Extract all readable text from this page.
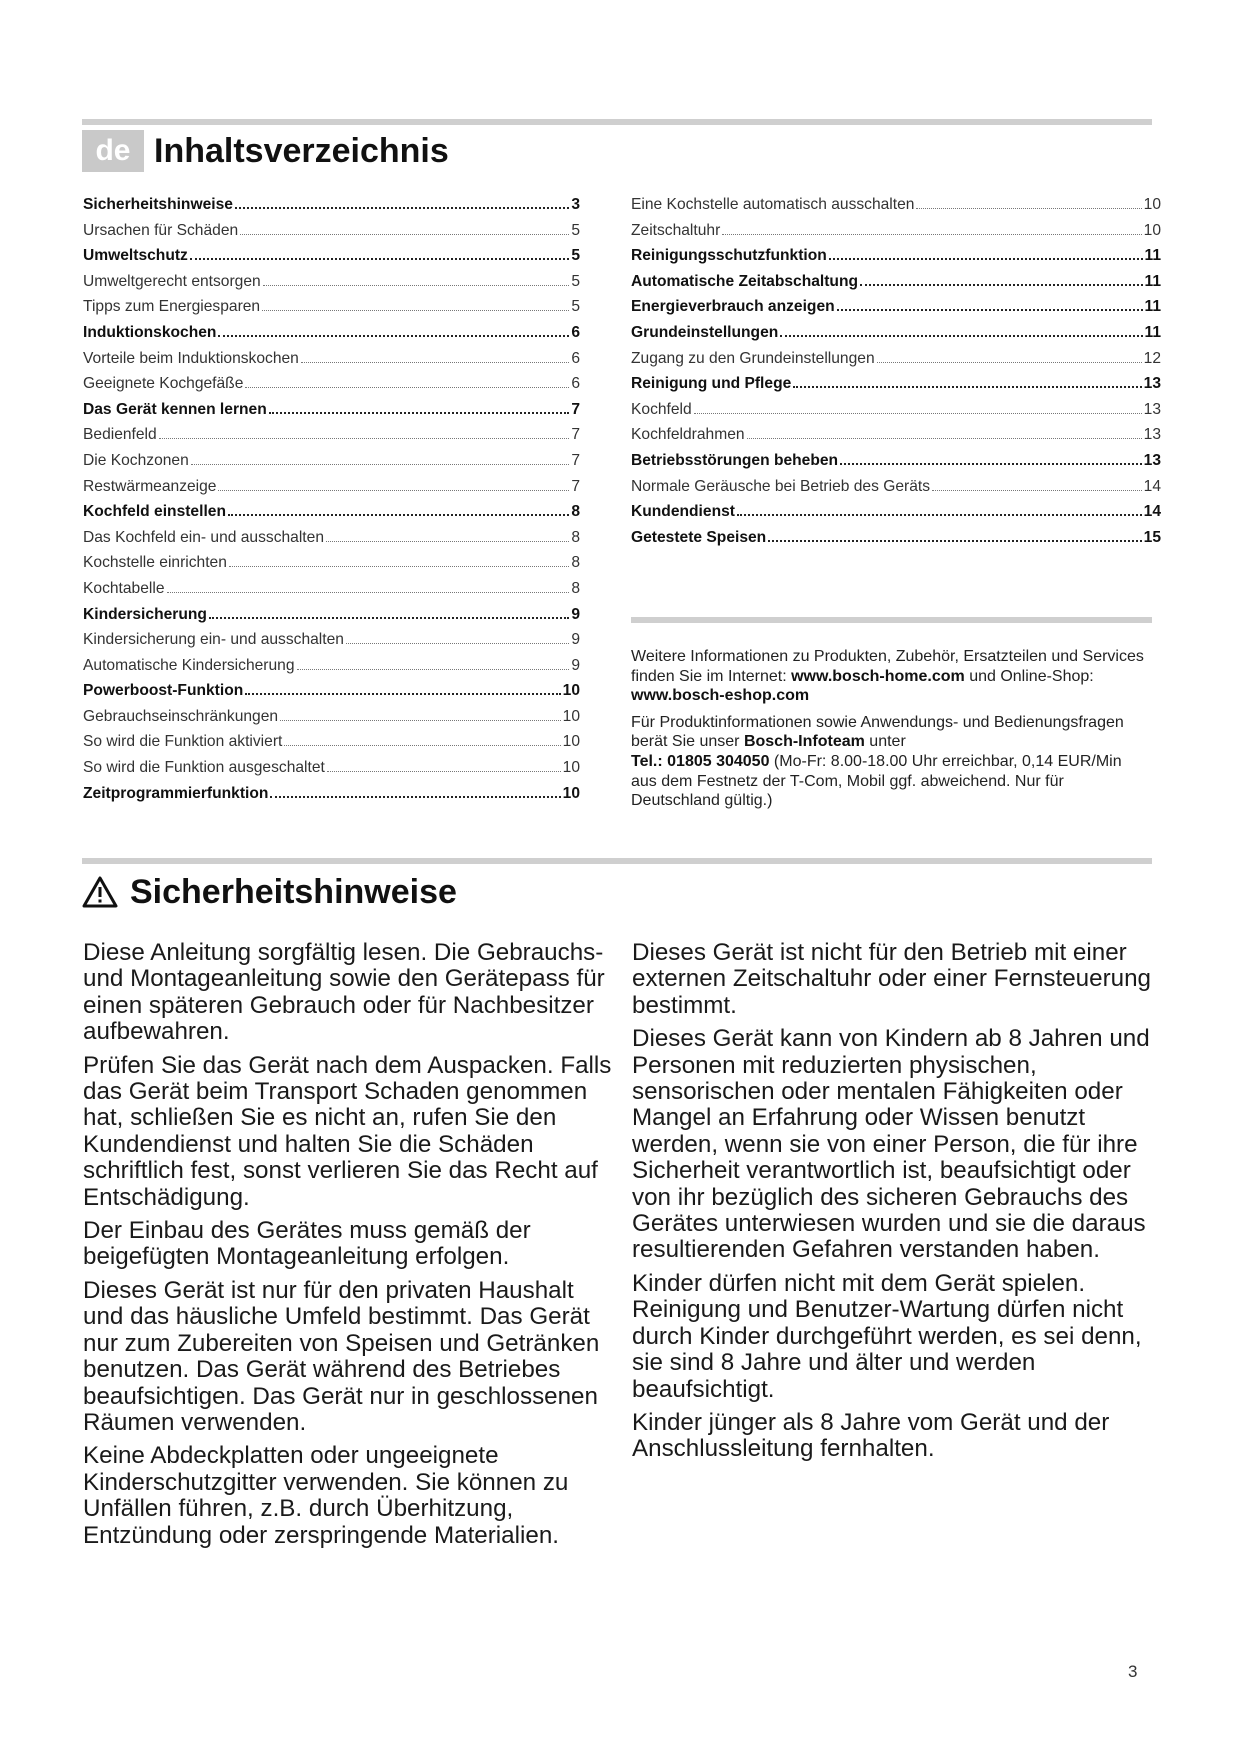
de Inhaltsverzeichnis
Sicherheitshinweise	3
Ursachen für Schäden	5
Umweltschutz	5
Umweltgerecht entsorgen	5
Tipps zum Energiesparen	5
Induktionskochen	6
Vorteile beim Induktionskochen	6
Geeignete Kochgefäße	6
Das Gerät kennen lernen	7
Bedienfeld	7
Die Kochzonen	7
Restwärmeanzeige	7
Kochfeld einstellen	8
Das Kochfeld ein- und ausschalten	8
Kochstelle einrichten	8
Kochtabelle	8
Kindersicherung	9
Kindersicherung ein- und ausschalten	9
Automatische Kindersicherung	9
Powerboost-Funktion	10
Gebrauchseinschränkungen	10
So wird die Funktion aktiviert	10
So wird die Funktion ausgeschaltet	10
Zeitprogrammierfunktion	10
Eine Kochstelle automatisch ausschalten	10
Zeitschaltuhr	10
Reinigungsschutzfunktion	11
Automatische Zeitabschaltung	11
Energieverbrauch anzeigen	11
Grundeinstellungen	11
Zugang zu den Grundeinstellungen	12
Reinigung und Pflege	13
Kochfeld	13
Kochfeldrahmen	13
Betriebsstörungen beheben	13
Normale Geräusche bei Betrieb des Geräts	14
Kundendienst	14
Getestete Speisen	15

Weitere Informationen zu Produkten, Zubehör, Ersatzteilen und Services finden Sie im Internet: www.bosch-home.com und Online-Shop: www.bosch-eshop.com

Für Produktinformationen sowie Anwendungs- und Bedienungsfragen berät Sie unser Bosch-Infoteam unter
Tel.: 01805 304050 (Mo-Fr: 8.00-18.00 Uhr erreichbar, 0,14 EUR/Min aus dem Festnetz der T-Com, Mobil ggf. abweichend. Nur für Deutschland gültig.)

Sicherheitshinweise

Diese Anleitung sorgfältig lesen. Die Gebrauchs- und Montageanleitung sowie den Gerätepass für einen späteren Gebrauch oder für Nachbesitzer aufbewahren.

Prüfen Sie das Gerät nach dem Auspacken. Falls das Gerät beim Transport Schaden genommen hat, schließen Sie es nicht an, rufen Sie den Kundendienst und halten Sie die Schäden schriftlich fest, sonst verlieren Sie das Recht auf Entschädigung.

Der Einbau des Gerätes muss gemäß der beigefügten Montageanleitung erfolgen.

Dieses Gerät ist nur für den privaten Haushalt und das häusliche Umfeld bestimmt. Das Gerät nur zum Zubereiten von Speisen und Getränken benutzen. Das Gerät während des Betriebes beaufsichtigen. Das Gerät nur in geschlossenen Räumen verwenden.

Keine Abdeckplatten oder ungeeignete Kinderschutzgitter verwenden. Sie können zu Unfällen führen, z.B. durch Überhitzung, Entzündung oder zerspringende Materialien.

Dieses Gerät ist nicht für den Betrieb mit einer externen Zeitschaltuhr oder einer Fernsteuerung bestimmt.

Dieses Gerät kann von Kindern ab 8 Jahren und Personen mit reduzierten physischen, sensorischen oder mentalen Fähigkeiten oder Mangel an Erfahrung oder Wissen benutzt werden, wenn sie von einer Person, die für ihre Sicherheit verantwortlich ist, beaufsichtigt oder von ihr bezüglich des sicheren Gebrauchs des Gerätes unterwiesen wurden und sie die daraus resultierenden Gefahren verstanden haben.

Kinder dürfen nicht mit dem Gerät spielen. Reinigung und Benutzer-Wartung dürfen nicht durch Kinder durchgeführt werden, es sei denn, sie sind 8 Jahre und älter und werden beaufsichtigt.

Kinder jünger als 8 Jahre vom Gerät und der Anschlussleitung fernhalten.

3
